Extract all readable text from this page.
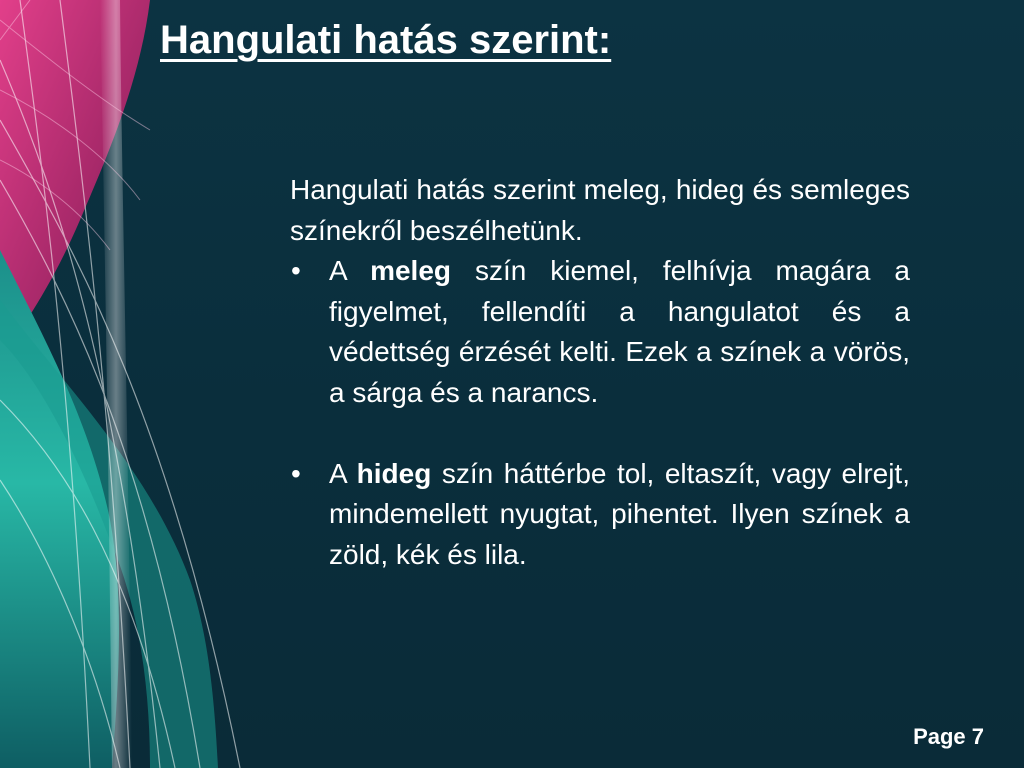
Hangulati hatás szerint:

Hangulati hatás szerint meleg, hideg és semleges színekről beszélhetünk.

• A meleg szín kiemel, felhívja magára a figyelmet, fellendíti a hangulatot és a védettség érzését kelti. Ezek a színek a vörös, a sárga és a narancs.
• A hideg szín háttérbe tol, eltaszít, vagy elrejt, mindemellett nyugtat, pihentet. Ilyen színek a zöld, kék és lila.
Page 7
